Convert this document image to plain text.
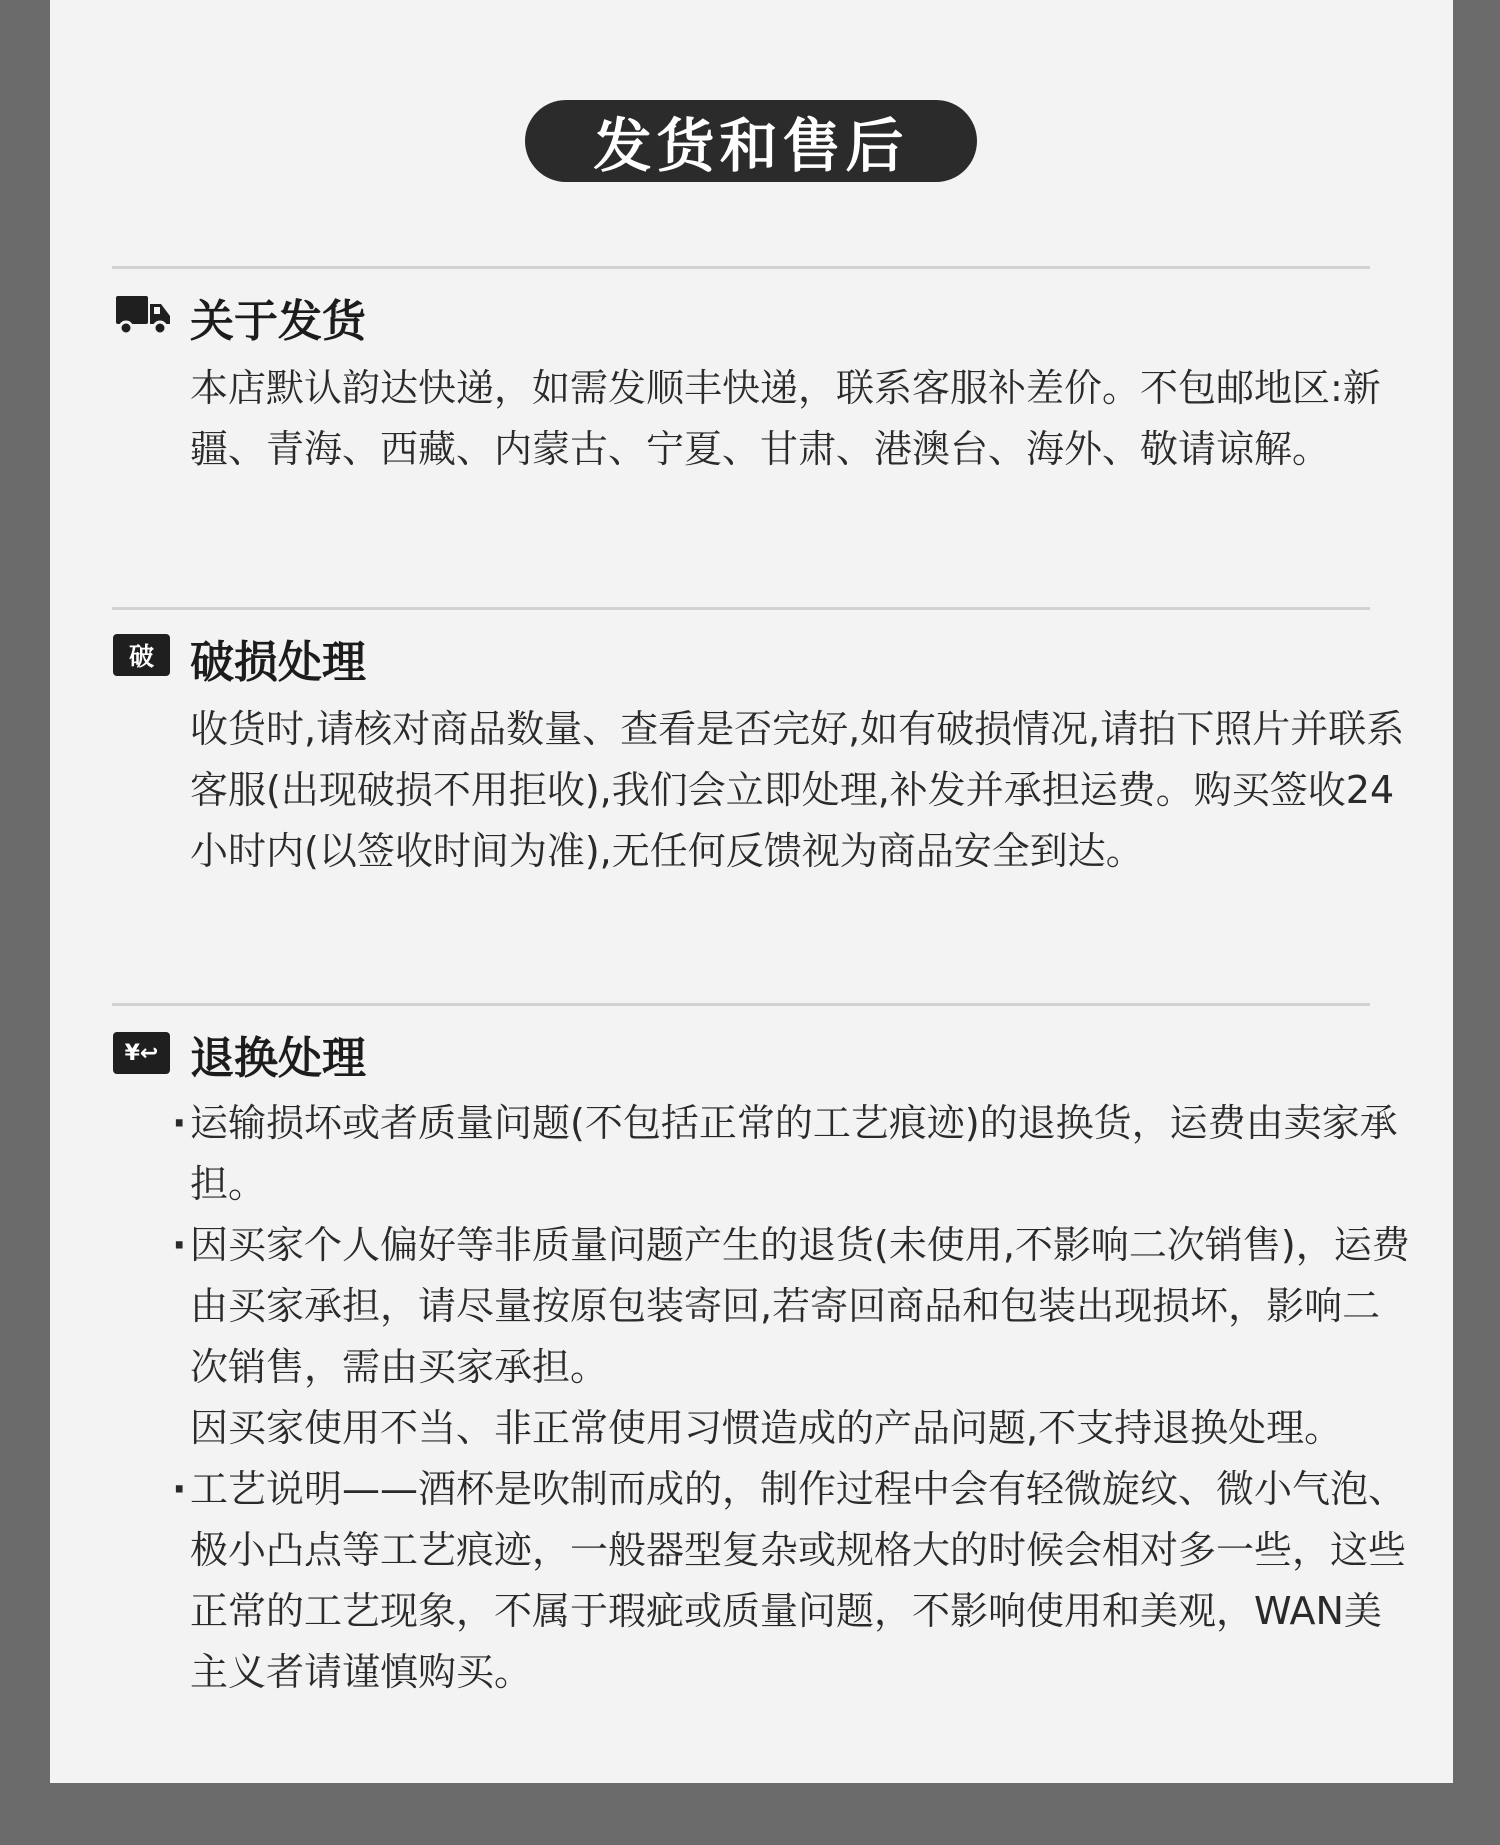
发货和售后
关于发货

本店默认韵达快递，如需发顺丰快递，联系客服补差价。不包邮地区:新疆、青海、西藏、内蒙古、宁夏、甘肃、港澳台、海外、敬请谅解。

破 破损处理

收货时,请核对商品数量、查看是否完好,如有破损情况,请拍下照片并联系客服(出现破损不用拒收),我们会立即处理,补发并承担运费。购买签收24小时内(以签收时间为准),无任何反馈视为商品安全到达。

¥↩ 退换处理

· 运输损坏或者质量问题(不包括正常的工艺痕迹)的退换货，运费由卖家承担。

· 因买家个人偏好等非质量问题产生的退货(未使用,不影响二次销售)，运费由买家承担，请尽量按原包装寄回,若寄回商品和包装出现损坏，影响二次销售，需由买家承担。

因买家使用不当、非正常使用习惯造成的产品问题,不支持退换处理。

· 工艺说明——酒杯是吹制而成的，制作过程中会有轻微旋纹、微小气泡、极小凸点等工艺痕迹，一般器型复杂或规格大的时候会相对多一些，这些正常的工艺现象，不属于瑕疵或质量问题，不影响使用和美观，WAN美主义者请谨慎购买。
